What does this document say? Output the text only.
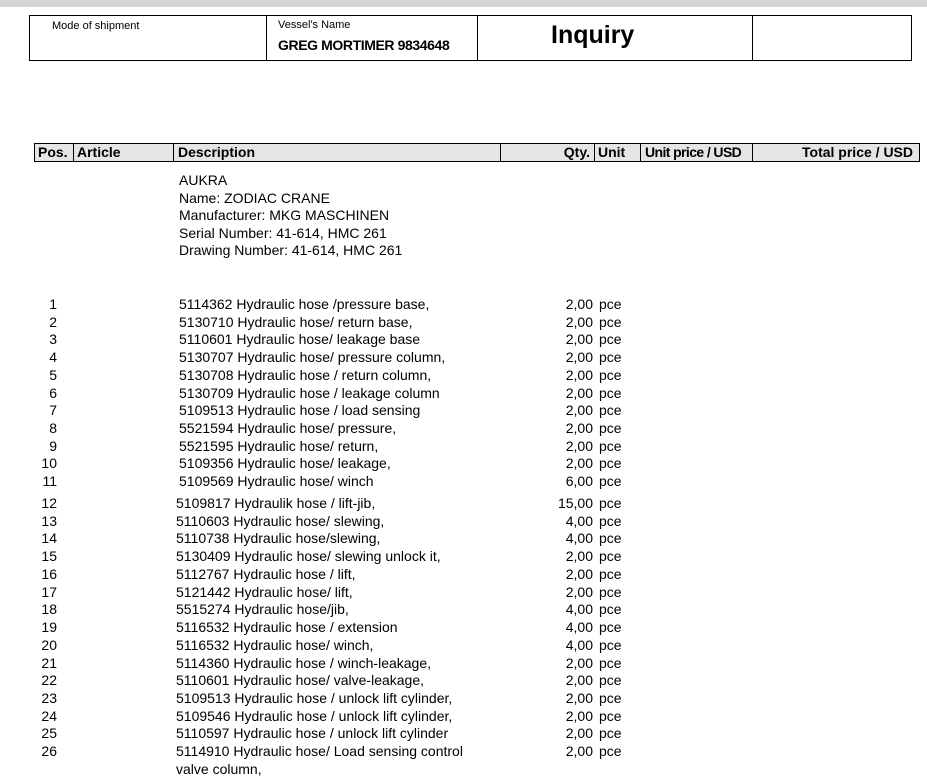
Mode of shipment	Vessel's Name
GREG MORTIMER 9834648	Inquiry
Pos. Article	Description	Qty. Unit	Unit price / USD	Total price / USD
AUKRA
Name: ZODIAC CRANE
Manufacturer: MKG MASCHINEN
Serial Number: 41-614, HMC 261
Drawing Number: 41-614, HMC 261
1	5114362 Hydraulic hose /pressure base,	2,00 pce
2	5130710 Hydraulic hose/ return base,	2,00 pce
3	5110601 Hydraulic hose/ leakage base	2,00 pce
4	5130707 Hydraulic hose/ pressure column,	2,00 pce
5	5130708 Hydraulic hose / return column,	2,00 pce
6	5130709 Hydraulic hose / leakage column	2,00 pce
7	5109513 Hydraulic hose / load sensing	2,00 pce
8	5521594 Hydraulic hose/ pressure,	2,00 pce
9	5521595 Hydraulic hose/ return,	2,00 pce
10	5109356 Hydraulic hose/ leakage,	2,00 pce
11	5109569 Hydraulic hose/ winch	6,00 pce
12	5109817 Hydraulik hose / lift-jib,	15,00 pce
13	5110603 Hydraulic hose/ slewing,	4,00 pce
14	5110738 Hydraulic hose/slewing,	4,00 pce
15	5130409 Hydraulic hose/ slewing unlock it,	2,00 pce
16	5112767 Hydraulic hose / lift,	2,00 pce
17	5121442 Hydraulic hose/ lift,	2,00 pce
18	5515274 Hydraulic hose/jib,	4,00 pce
19	5116532 Hydraulic hose / extension	4,00 pce
20	5116532 Hydraulic hose/ winch,	4,00 pce
21	5114360 Hydraulic hose / winch-leakage,	2,00 pce
22	5110601 Hydraulic hose/ valve-leakage,	2,00 pce
23	5109513 Hydraulic hose / unlock lift cylinder,	2,00 pce
24	5109546 Hydraulic hose / unlock lift cylinder,	2,00 pce
25	5110597 Hydraulic hose / unlock lift cylinder	2,00 pce
26	5114910 Hydraulic hose/ Load sensing control	2,00 pce
valve column,
